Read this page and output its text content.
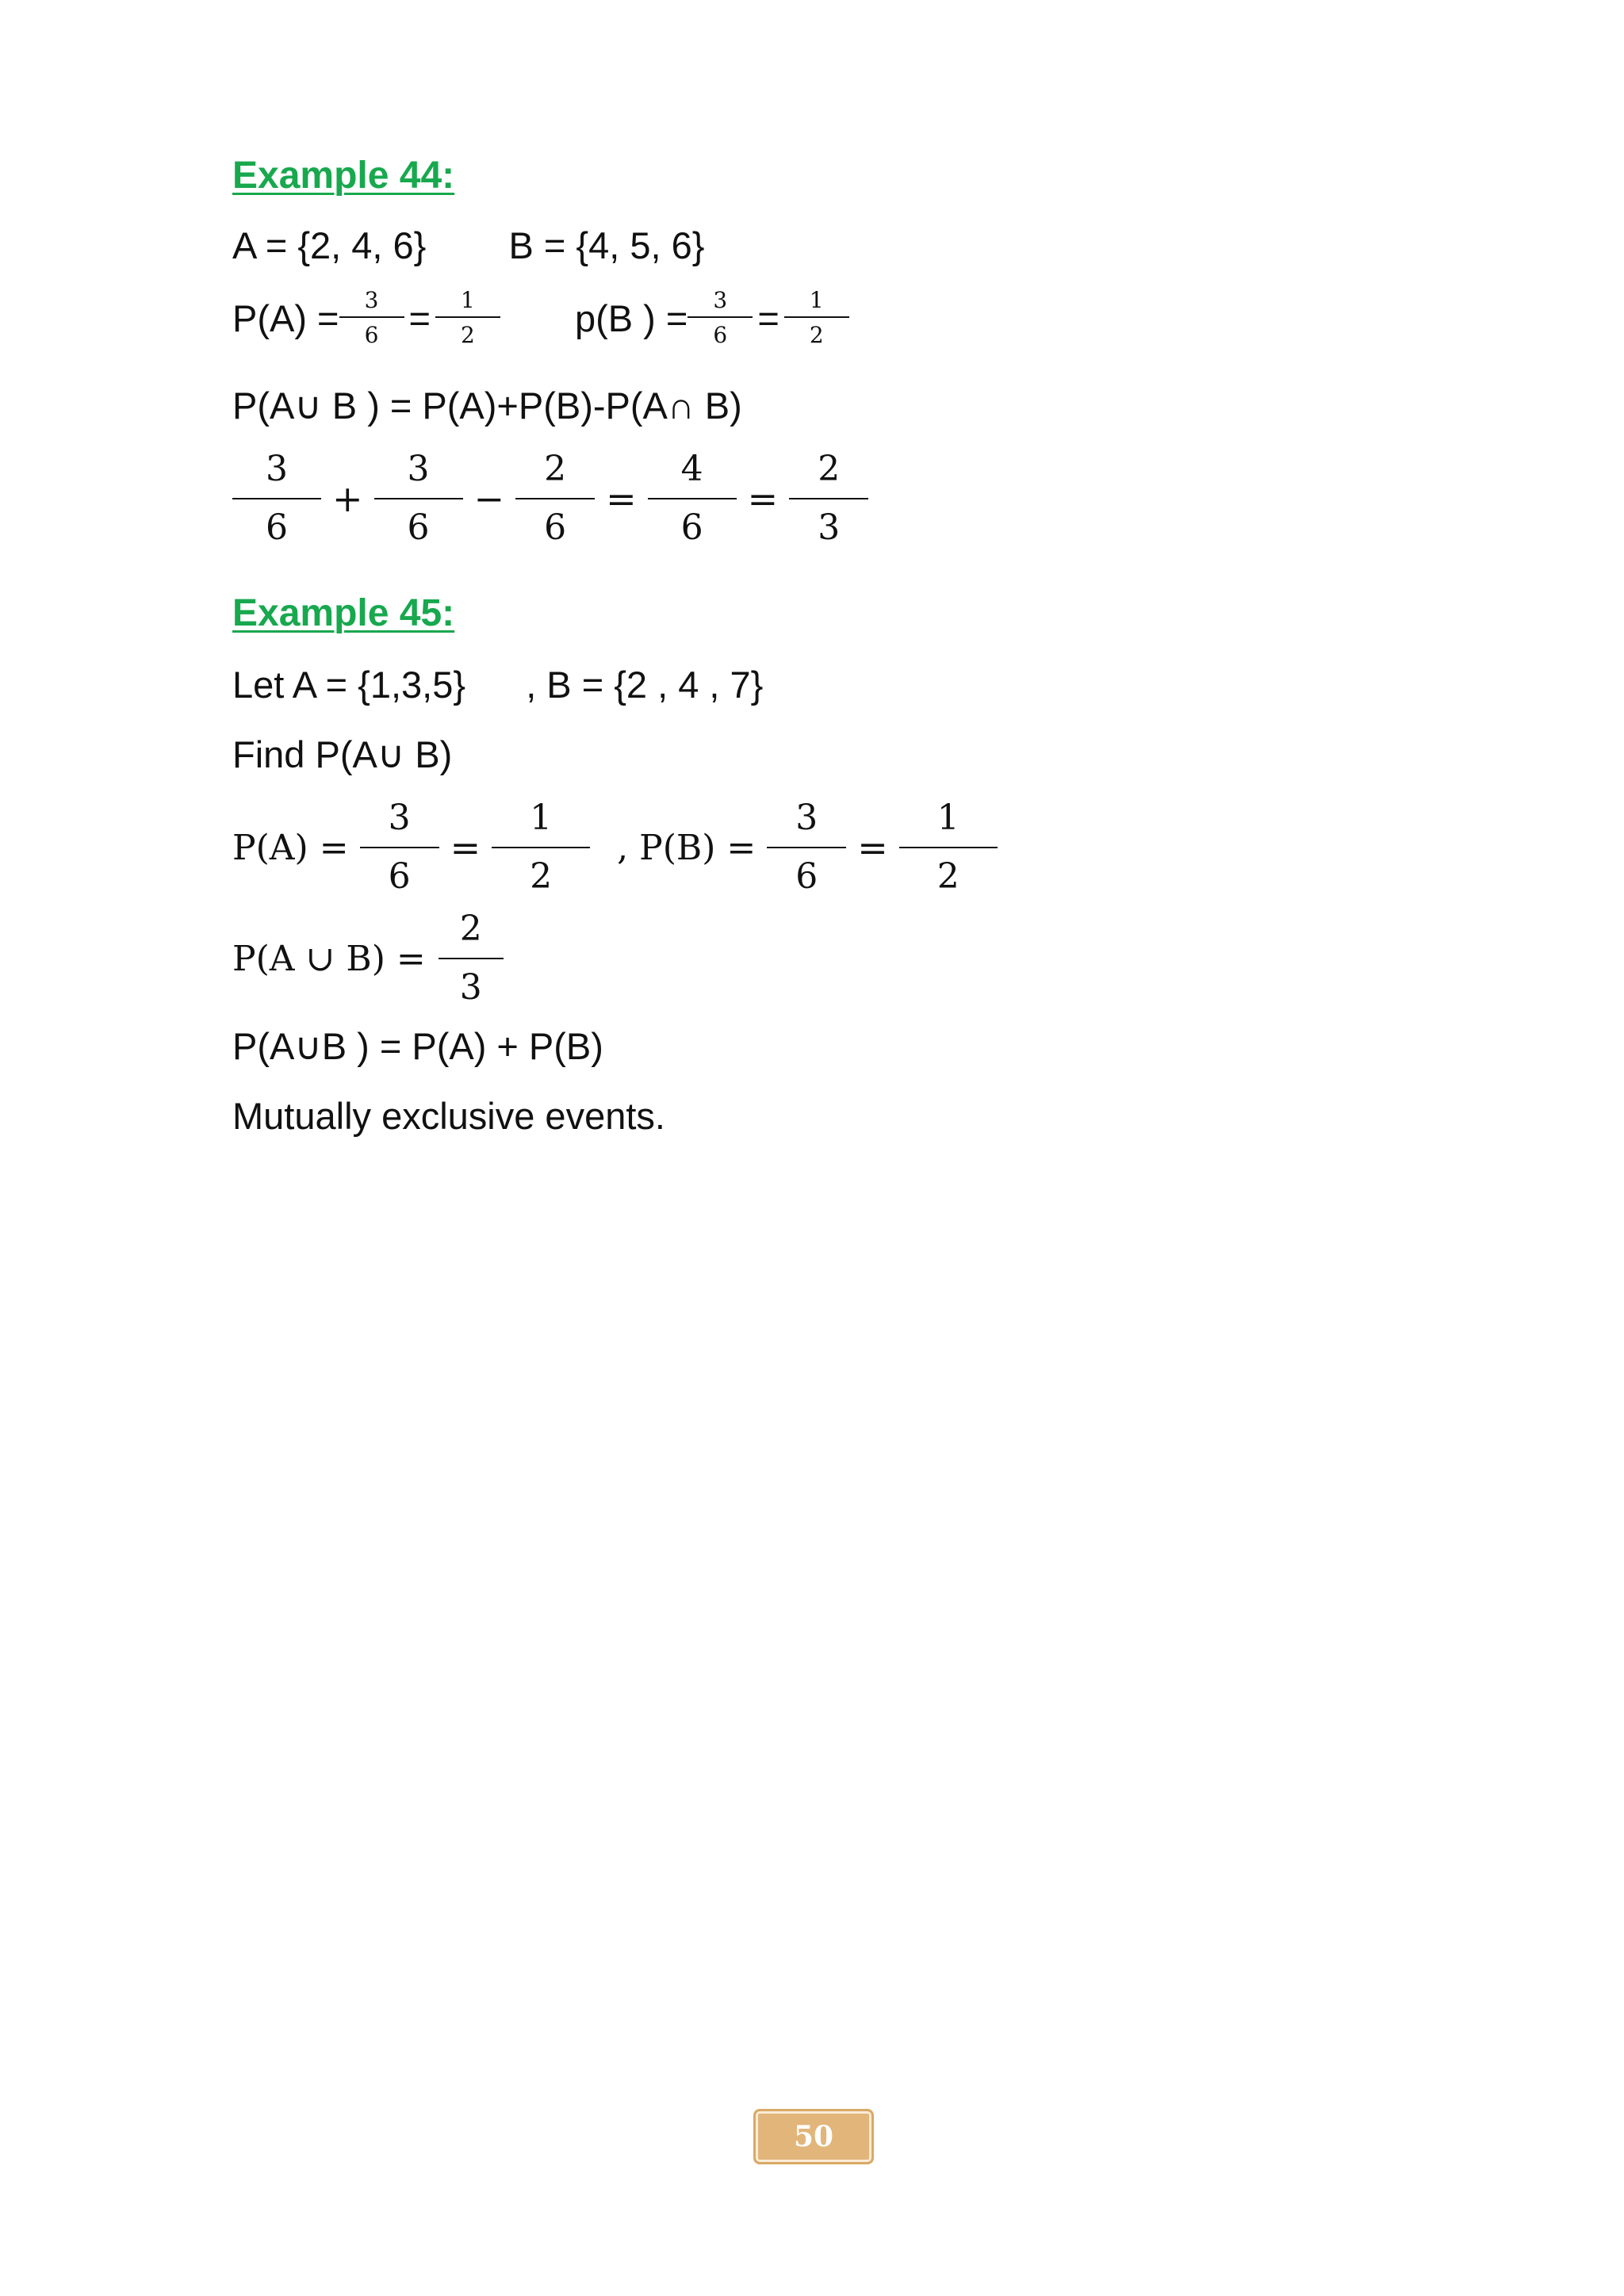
Example 44:
A = {2, 4, 6} B = {4, 5, 6}
$P(A) = \frac{3}{6} = \frac{1}{2} p(B$ ) = $\frac{3}{6} = \frac{1}{2}$
P(A∪ B ) = P(A)+P(B)-P(A∩ B)
$\frac{3}{6} + \frac{3}{6} - \frac{2}{6} = \frac{4}{6} = \frac{2}{3}$
Example 45:
Let A = {1,3,5} , B = {2 , 4 , 7}
Find P(A∪ B)
$P(A) = \frac{3}{6} = \frac{1}{2}$ , $P(B) = \frac{3}{6} = \frac{1}{2}$
P(A ∪ $B) = \frac{2}{3}$
P(A∪B ) = P(A) + P(B)
Mutually exclusive events.
50
